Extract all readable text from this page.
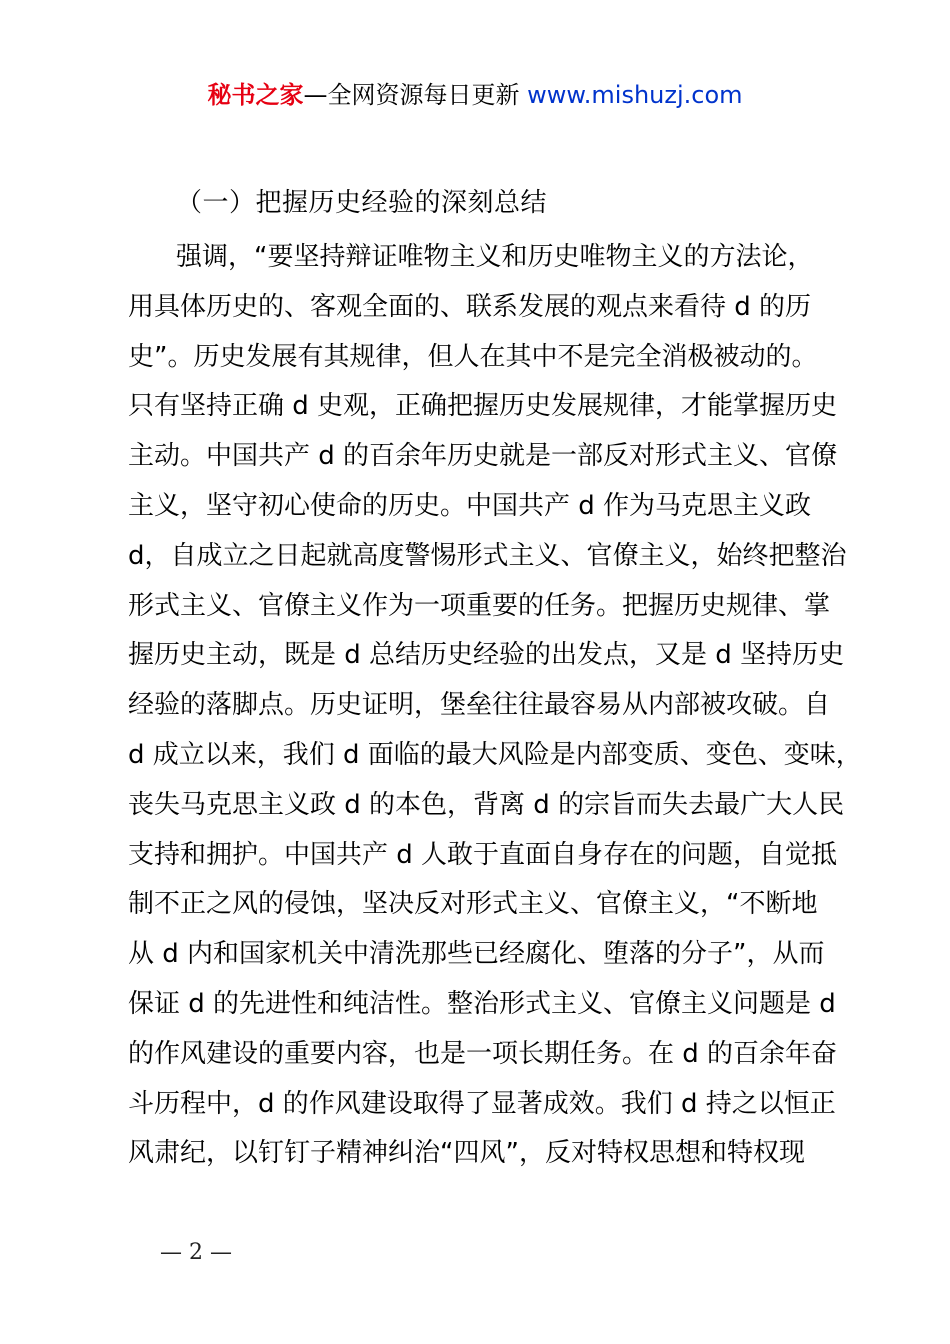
秘书之家—全网资源每日更新 www.mishuzj.com
（一）把握历史经验的深刻总结
强调，“要坚持辩证唯物主义和历史唯物主义的方法论，
用具体历史的、客观全面的、联系发展的观点来看待 d 的历
史”。历史发展有其规律，但人在其中不是完全消极被动的。
只有坚持正确 d 史观，正确把握历史发展规律，才能掌握历史
主动。中国共产 d 的百余年历史就是一部反对形式主义、官僚
主义，坚守初心使命的历史。中国共产 d 作为马克思主义政
d，自成立之日起就高度警惕形式主义、官僚主义，始终把整治
形式主义、官僚主义作为一项重要的任务。把握历史规律、掌
握历史主动，既是 d 总结历史经验的出发点，又是 d 坚持历史
经验的落脚点。历史证明，堡垒往往最容易从内部被攻破。自
d 成立以来，我们 d 面临的最大风险是内部变质、变色、变味，
丧失马克思主义政 d 的本色，背离 d 的宗旨而失去最广大人民
支持和拥护。中国共产 d 人敢于直面自身存在的问题，自觉抵
制不正之风的侵蚀，坚决反对形式主义、官僚主义，“不断地
从 d 内和国家机关中清洗那些已经腐化、堕落的分子”，从而
保证 d 的先进性和纯洁性。整治形式主义、官僚主义问题是 d
的作风建设的重要内容，也是一项长期任务。在 d 的百余年奋
斗历程中，d 的作风建设取得了显著成效。我们 d 持之以恒正
风肃纪，以钉钉子精神纠治“四风”，反对特权思想和特权现
— 2 —
